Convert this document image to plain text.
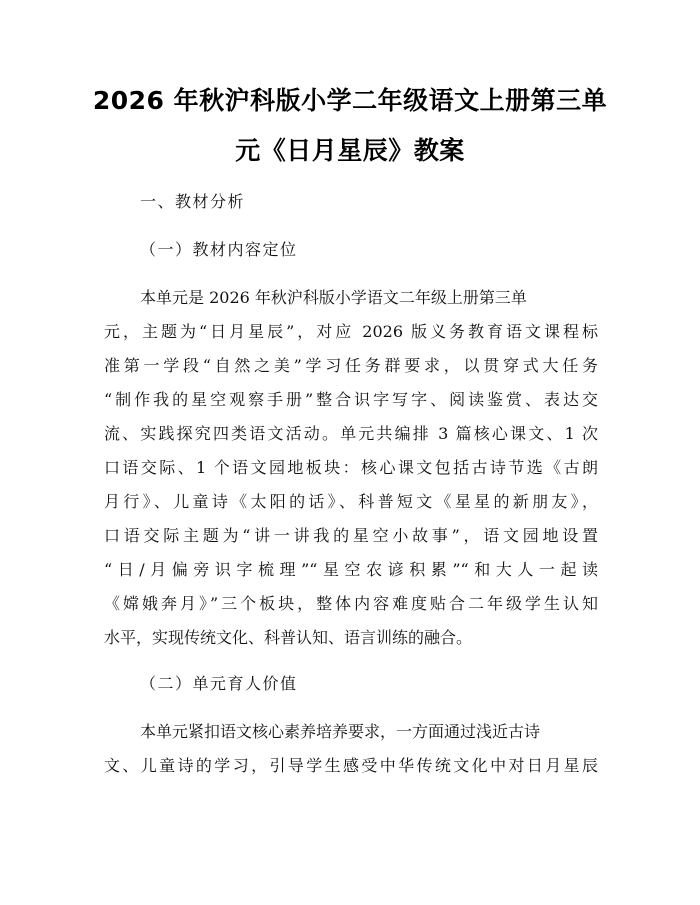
2026 年秋沪科版小学二年级语文上册第三单
元《日月星辰》教案
一、教材分析
（一）教材内容定位
本单元是 2026 年秋沪科版小学语文二年级上册第三单
元，主题为“日月星辰”，对应 2026 版义务教育语文课程标
准第一学段“自然之美”学习任务群要求，以贯穿式大任务
“制作我的星空观察手册”整合识字写字、阅读鉴赏、表达交
流、实践探究四类语文活动。单元共编排 3 篇核心课文、1 次
口语交际、1 个语文园地板块：核心课文包括古诗节选《古朗
月行》、儿童诗《太阳的话》、科普短文《星星的新朋友》，
口语交际主题为“讲一讲我的星空小故事”，语文园地设置
“日/月偏旁识字梳理”“星空农谚积累”“和大人一起读
《嫦娥奔月》”三个板块，整体内容难度贴合二年级学生认知
水平，实现传统文化、科普认知、语言训练的融合。
（二）单元育人价值
本单元紧扣语文核心素养培养要求，一方面通过浅近古诗
文、儿童诗的学习，引导学生感受中华传统文化中对日月星辰
